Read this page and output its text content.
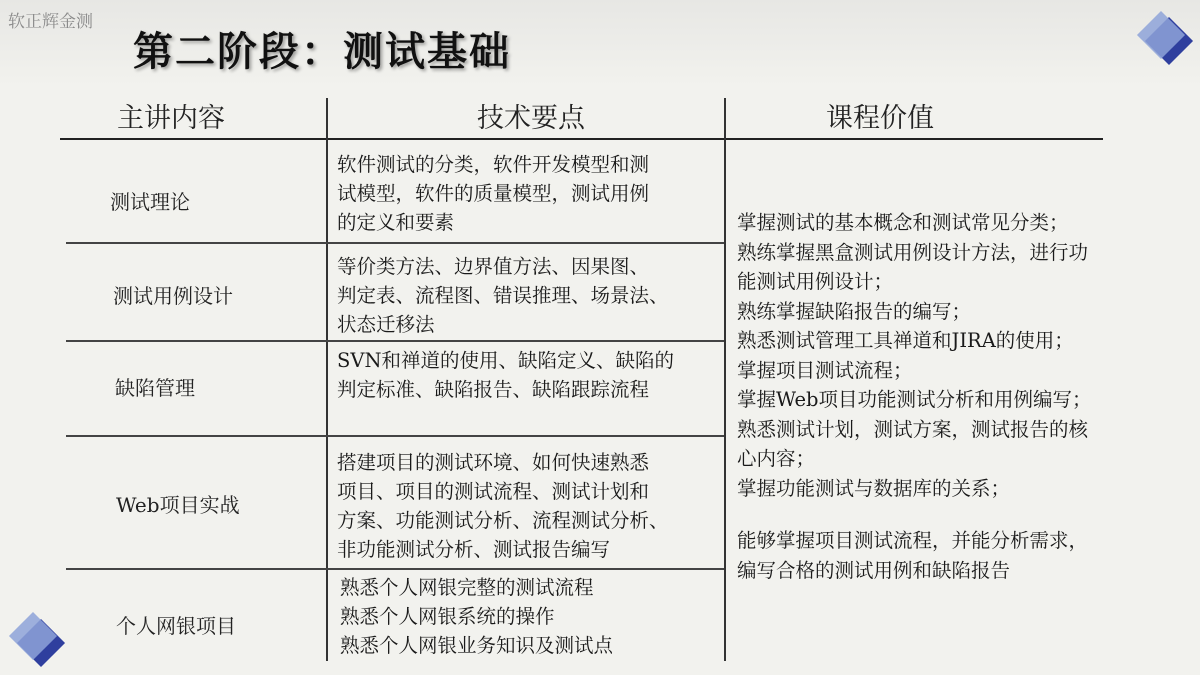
软正辉金测
第二阶段：测试基础
主讲内容	技术要点	课程价值
测试理论
软件测试的分类，软件开发模型和测
试模型，软件的质量模型，测试用例
的定义和要素
测试用例设计
等价类方法、边界值方法、因果图、
判定表、流程图、错误推理、场景法、
状态迁移法
缺陷管理
SVN和禅道的使用、缺陷定义、缺陷的
判定标准、缺陷报告、缺陷跟踪流程
Web项目实战
搭建项目的测试环境、如何快速熟悉
项目、项目的测试流程、测试计划和
方案、功能测试分析、流程测试分析、
非功能测试分析、测试报告编写
个人网银项目
熟悉个人网银完整的测试流程
熟悉个人网银系统的操作
熟悉个人网银业务知识及测试点
掌握测试的基本概念和测试常见分类；
熟练掌握黑盒测试用例设计方法，进行功
能测试用例设计；
熟练掌握缺陷报告的编写；
熟悉测试管理工具禅道和JIRA的使用；
掌握项目测试流程；
掌握Web项目功能测试分析和用例编写；
熟悉测试计划，测试方案，测试报告的核
心内容；
掌握功能测试与数据库的关系；
能够掌握项目测试流程，并能分析需求，
编写合格的测试用例和缺陷报告
